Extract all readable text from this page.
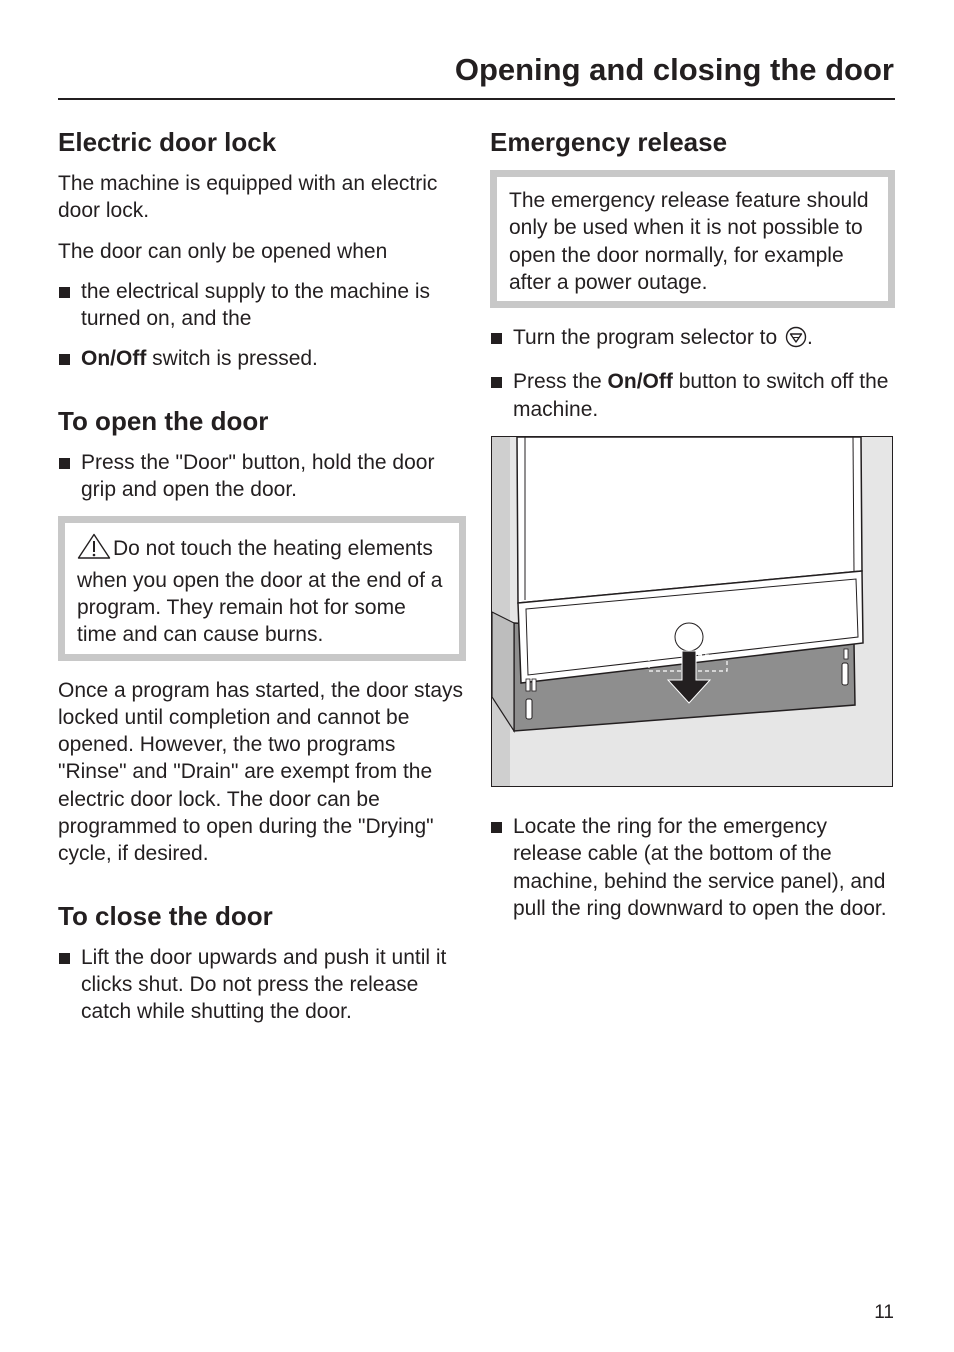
Opening and closing the door
Electric door lock

The machine is equipped with an electric door lock.

The door can only be opened when

the electrical supply to the machine is turned on, and the
On/Off switch is pressed.
To open the door
Press the "Door" button, hold the door grip and open the door.

Do not touch the heating elements when you open the door at the end of a program. They remain hot for some time and can cause burns.

Once a program has started, the door stays locked until completion and cannot be opened. However, the two programs "Rinse" and "Drain" are exempt from the electric door lock. The door can be programmed to open during the "Drying" cycle, if desired.

To close the door
Lift the door upwards and push it until it clicks shut. Do not press the release catch while shutting the door.
Emergency release

The emergency release feature should only be used when it is not possible to open the door normally, for example after a power outage.

Turn the program selector to .
Press the On/Off button to switch off the machine.
Locate the ring for the emergency release cable (at the bottom of the machine, behind the service panel), and pull the ring downward to open the door.
11
